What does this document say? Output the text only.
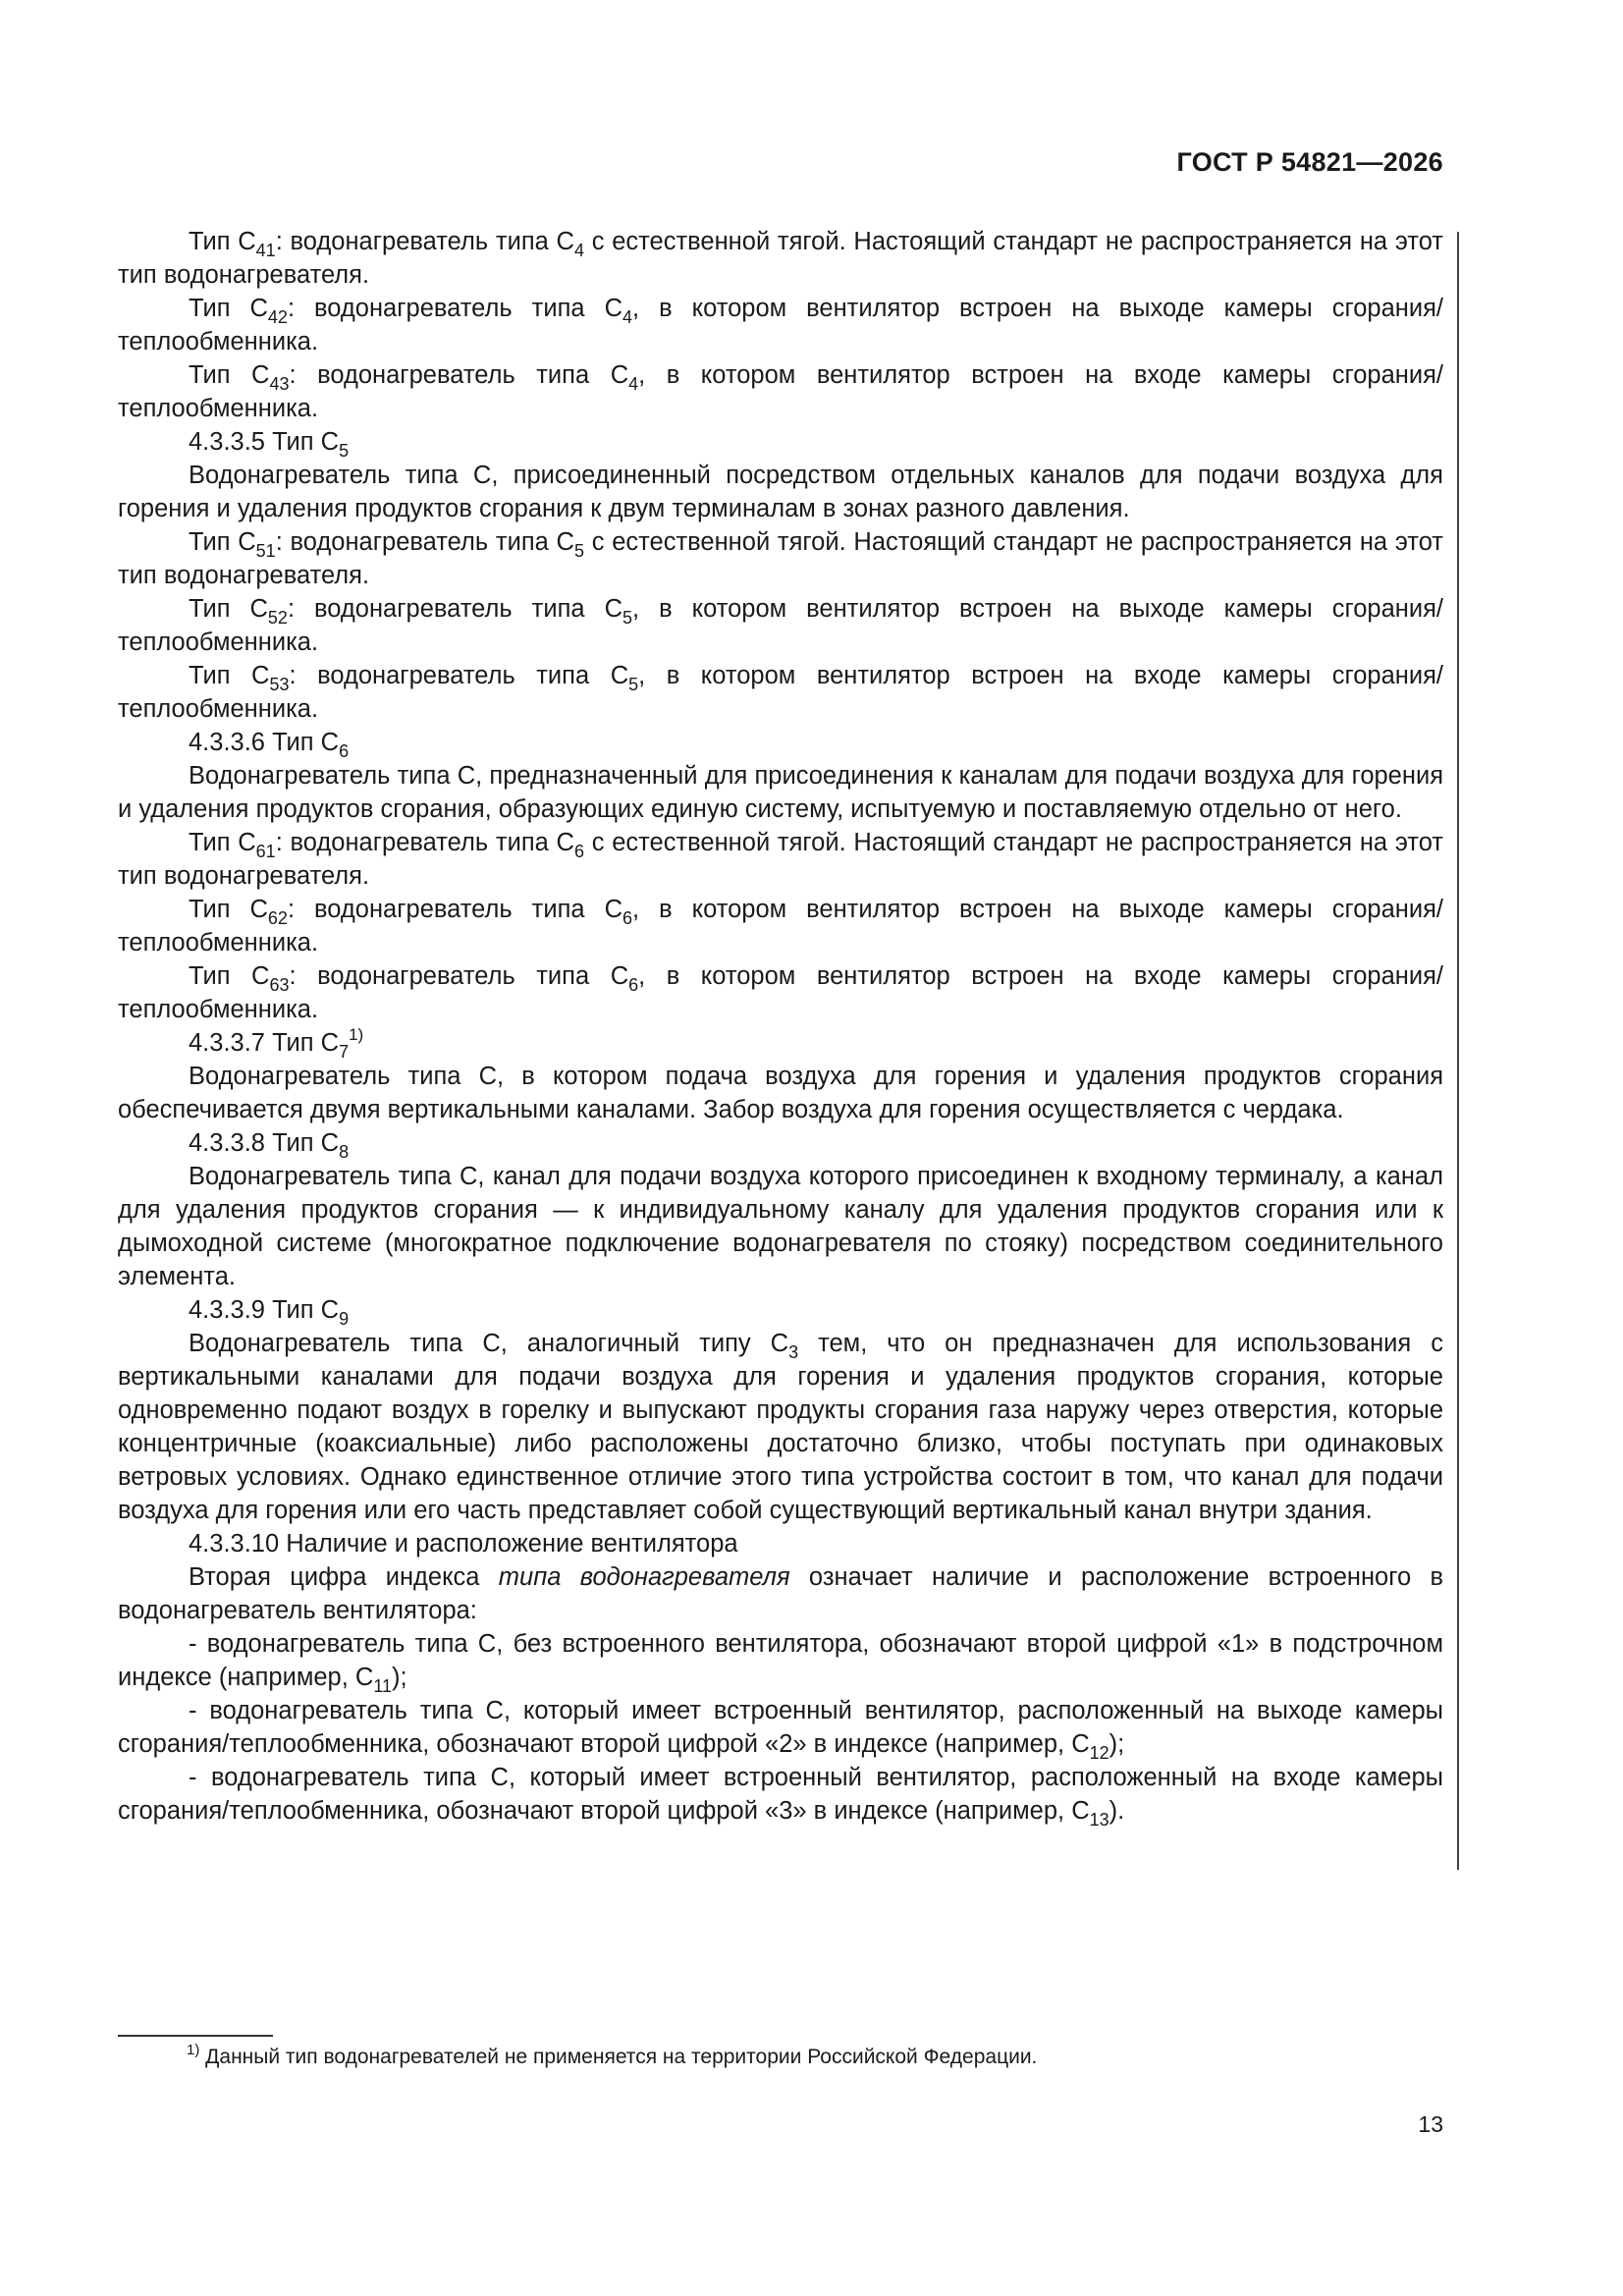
ГОСТ Р 54821—2026

Тип $C_{41}$: водонагреватель типа $C_4$ с естественной тягой. Настоящий стандарт не распространяется на этот тип водонагревателя.

Тип $C_{42}$: водонагреватель типа $C_4$, в котором вентилятор встроен на выходе камеры сгорания/ теплообменника.

Тип $C_{43}$: водонагреватель типа $C_4$, в котором вентилятор встроен на входе камеры сгорания/теплообменника.

4.3.3.5 Тип $C_5$

Водонагреватель типа C, присоединенный посредством отдельных каналов для подачи воздуха для горения и удаления продуктов сгорания к двум терминалам в зонах разного давления.

Тип $C_{51}$: водонагреватель типа $C_5$ с естественной тягой. Настоящий стандарт не распространяется на этот тип водонагревателя.

Тип $C_{52}$: водонагреватель типа $C_5$, в котором вентилятор встроен на выходе камеры сгорания/ теплообменника.

Тип $C_{53}$: водонагреватель типа $C_5$, в котором вентилятор встроен на входе камеры сгорания/теплообменника.

4.3.3.6 Тип $C_6$

Водонагреватель типа C, предназначенный для присоединения к каналам для подачи воздуха для горения и удаления продуктов сгорания, образующих единую систему, испытуемую и поставляемую отдельно от него.

Тип $C_{61}$: водонагреватель типа $C_6$ с естественной тягой. Настоящий стандарт не распространяется на этот тип водонагревателя.

Тип $C_{62}$: водонагреватель типа $C_6$, в котором вентилятор встроен на выходе камеры сгорания/ теплообменника.

Тип $C_{63}$: водонагреватель типа $C_6$, в котором вентилятор встроен на входе камеры сгорания/теплообменника.

4.3.3.7 Тип $C_7^{1)}$

Водонагреватель типа C, в котором подача воздуха для горения и удаления продуктов сгорания обеспечивается двумя вертикальными каналами. Забор воздуха для горения осуществляется с чердака.

4.3.3.8 Тип $C_8$

Водонагреватель типа C, канал для подачи воздуха которого присоединен к входному терминалу, а канал для удаления продуктов сгорания — к индивидуальному каналу для удаления продуктов сгорания или к дымоходной системе (многократное подключение водонагревателя по стояку) посредством соединительного элемента.

4.3.3.9 Тип $C_9$

Водонагреватель типа C, аналогичный типу $C_3$ тем, что он предназначен для использования с вертикальными каналами для подачи воздуха для горения и удаления продуктов сгорания, которые одновременно подают воздух в горелку и выпускают продукты сгорания газа наружу через отверстия, которые концентричные (коаксиальные) либо расположены достаточно близко, чтобы поступать при одинаковых ветровых условиях. Однако единственное отличие этого типа устройства состоит в том, что канал для подачи воздуха для горения или его часть представляет собой существующий вертикальный канал внутри здания.

4.3.3.10 Наличие и расположение вентилятора

Вторая цифра индекса типа водонагревателя означает наличие и расположение встроенного в водонагреватель вентилятора:

- водонагреватель типа C, без встроенного вентилятора, обозначают второй цифрой «1» в подстрочном индексе (например, $C_{11}$);

- водонагреватель типа C, который имеет встроенный вентилятор, расположенный на выходе камеры сгорания/теплообменника, обозначают второй цифрой «2» в индексе (например, $C_{12}$);

- водонагреватель типа C, который имеет встроенный вентилятор, расположенный на входе камеры сгорания/теплообменника, обозначают второй цифрой «3» в индексе (например, $C_{13}$).

$^{1)}$ Данный тип водонагревателей не применяется на территории Российской Федерации.
13
